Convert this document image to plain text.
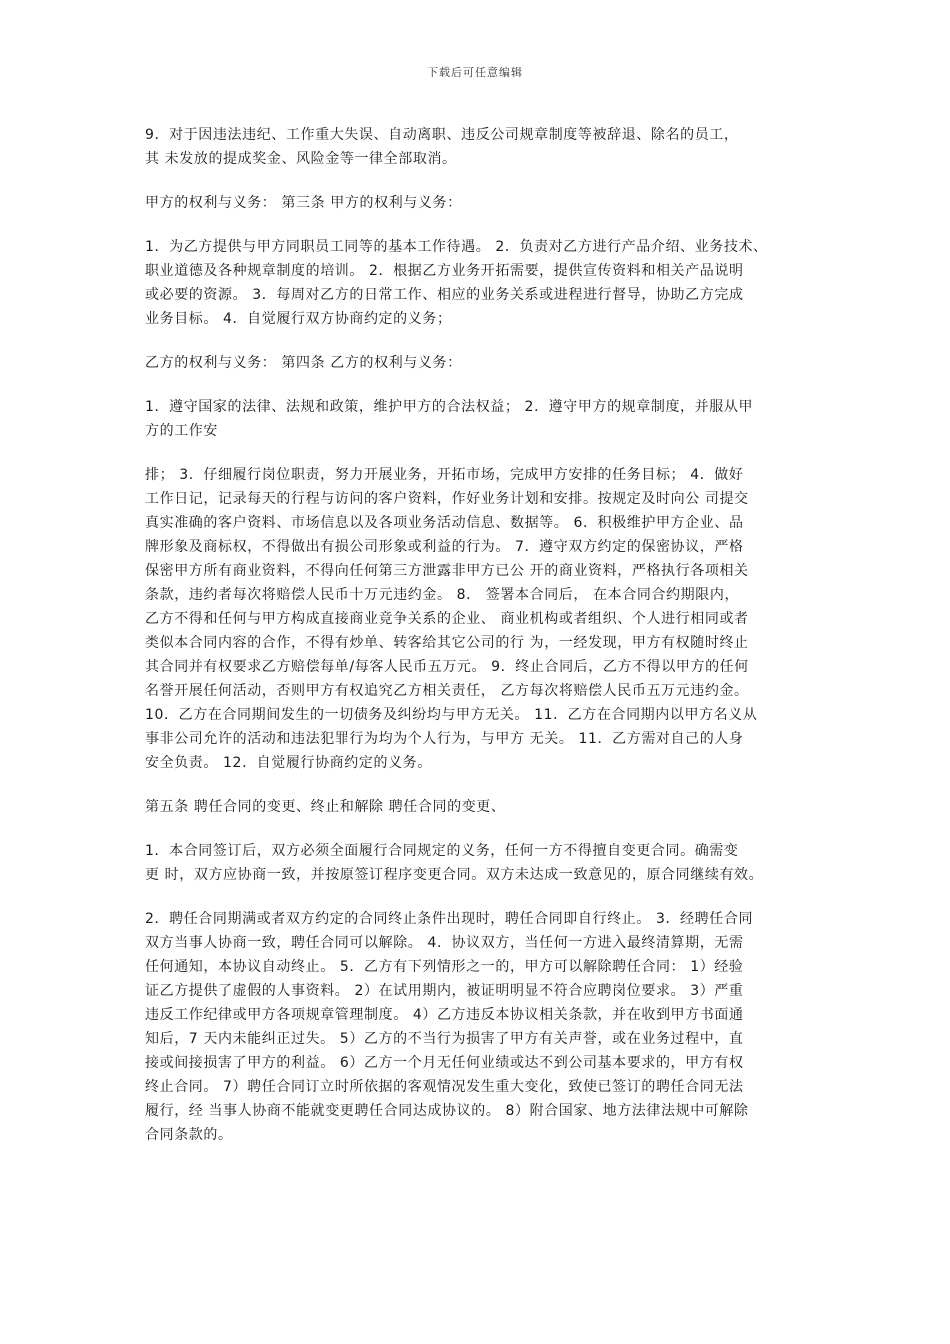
下载后可任意编辑
9．对于因违法违纪、工作重大失误、自动离职、违反公司规章制度等被辞退、除名的员工，
其 未发放的提成奖金、风险金等一律全部取消。
甲方的权利与义务： 第三条 甲方的权利与义务：
1．为乙方提供与甲方同职员工同等的基本工作待遇。 2．负责对乙方进行产品介绍、业务技术、
职业道德及各种规章制度的培训。 2．根据乙方业务开拓需要，提供宣传资料和相关产品说明
或必要的资源。 3．每周对乙方的日常工作、相应的业务关系或进程进行督导，协助乙方完成
业务目标。 4．自觉履行双方协商约定的义务；
乙方的权利与义务： 第四条 乙方的权利与义务：
1．遵守国家的法律、法规和政策，维护甲方的合法权益； 2．遵守甲方的规章制度，并服从甲
方的工作安
排； 3．仔细履行岗位职责，努力开展业务，开拓市场，完成甲方安排的任务目标； 4．做好
工作日记，记录每天的行程与访问的客户资料，作好业务计划和安排。按规定及时向公 司提交
真实准确的客户资料、市场信息以及各项业务活动信息、数据等。 6．积极维护甲方企业、品
牌形象及商标权，不得做出有损公司形象或利益的行为。 7．遵守双方约定的保密协议，严格
保密甲方所有商业资料，不得向任何第三方泄露非甲方已公 开的商业资料，严格执行各项相关
条款，违约者每次将赔偿人民币十万元违约金。 8． 签署本合同后， 在本合同合约期限内，
乙方不得和任何与甲方构成直接商业竞争关系的企业、 商业机构或者组织、个人进行相同或者
类似本合同内容的合作，不得有炒单、转客给其它公司的行 为，一经发现，甲方有权随时终止
其合同并有权要求乙方赔偿每单/每客人民币五万元。 9．终止合同后，乙方不得以甲方的任何
名誉开展任何活动，否则甲方有权追究乙方相关责任， 乙方每次将赔偿人民币五万元违约金。
10．乙方在合同期间发生的一切债务及纠纷均与甲方无关。 11．乙方在合同期内以甲方名义从
事非公司允许的活动和违法犯罪行为均为个人行为，与甲方 无关。 11．乙方需对自己的人身
安全负责。 12．自觉履行协商约定的义务。
第五条 聘任合同的变更、终止和解除 聘任合同的变更、
1．本合同签订后，双方必须全面履行合同规定的义务，任何一方不得擅自变更合同。确需变
更 时，双方应协商一致，并按原签订程序变更合同。双方未达成一致意见的，原合同继续有效。
2．聘任合同期满或者双方约定的合同终止条件出现时，聘任合同即自行终止。 3．经聘任合同
双方当事人协商一致，聘任合同可以解除。 4．协议双方，当任何一方进入最终清算期，无需
任何通知，本协议自动终止。 5．乙方有下列情形之一的，甲方可以解除聘任合同： 1）经验
证乙方提供了虚假的人事资料。 2）在试用期内，被证明明显不符合应聘岗位要求。 3）严重
违反工作纪律或甲方各项规章管理制度。 4）乙方违反本协议相关条款，并在收到甲方书面通
知后，7 天内未能纠正过失。 5）乙方的不当行为损害了甲方有关声誉，或在业务过程中，直
接或间接损害了甲方的利益。 6）乙方一个月无任何业绩或达不到公司基本要求的，甲方有权
终止合同。 7）聘任合同订立时所依据的客观情况发生重大变化，致使已签订的聘任合同无法
履行，经 当事人协商不能就变更聘任合同达成协议的。 8）附合国家、地方法律法规中可解除
合同条款的。
